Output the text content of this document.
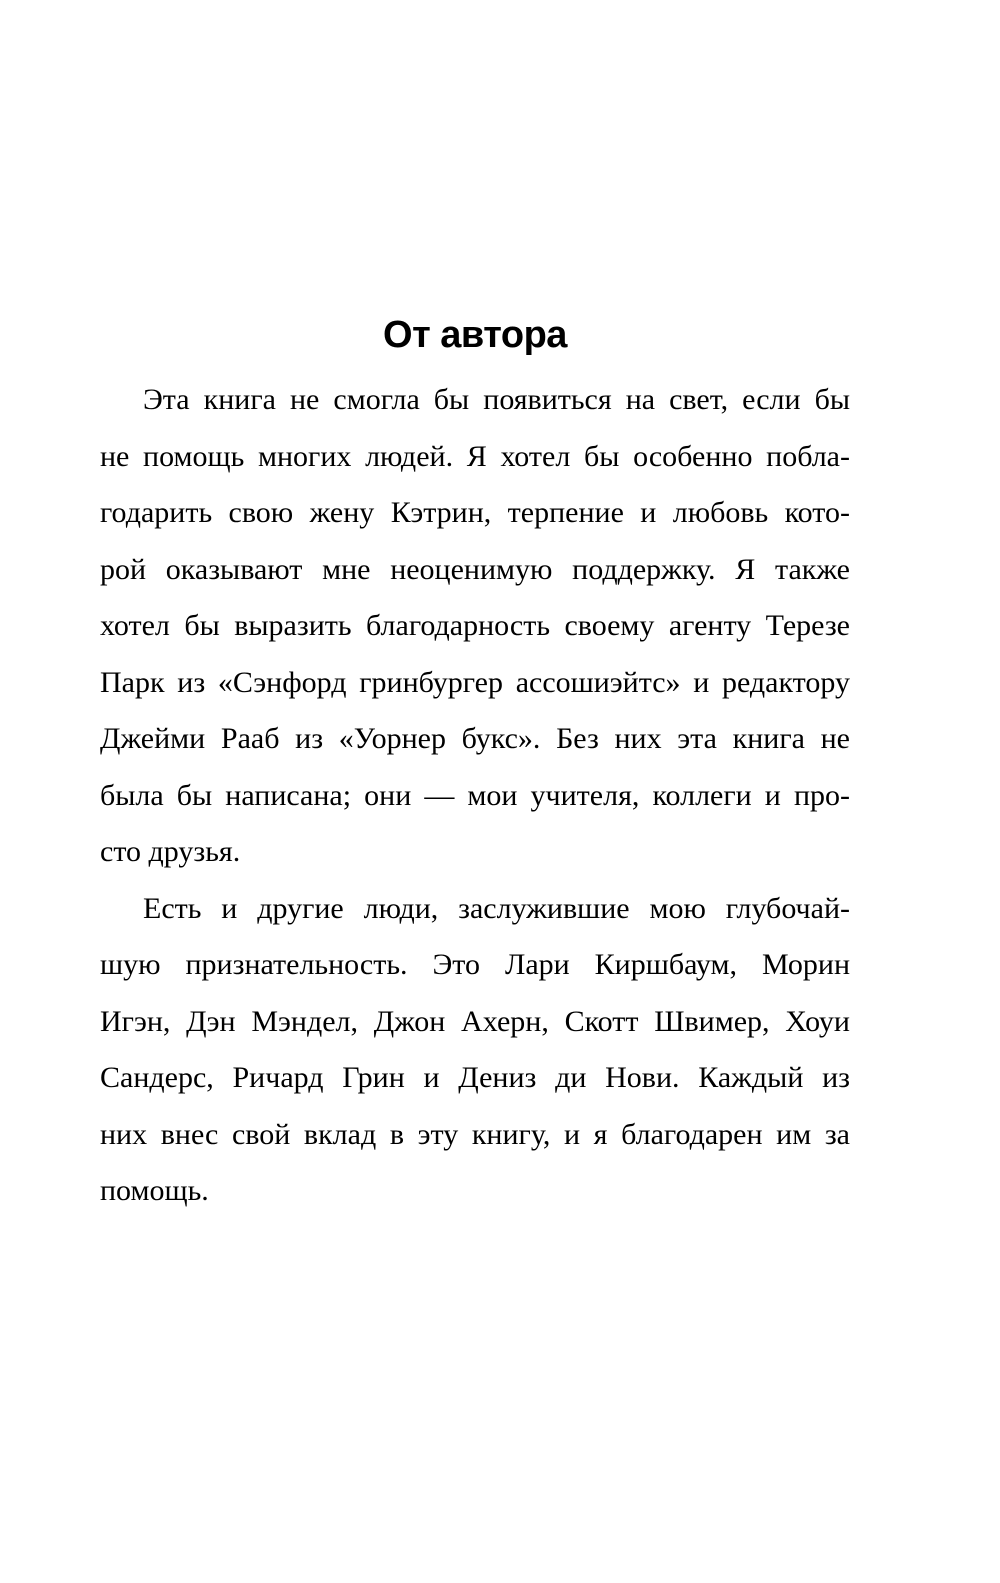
От автора
Эта книга не смогла бы появиться на свет, если бы
не помощь многих людей. Я хотел бы особенно побла-
годарить свою жену Кэтрин, терпение и любовь кото-
рой оказывают мне неоценимую поддержку. Я также
хотел бы выразить благодарность своему агенту Терезе
Парк из «Сэнфорд гринбургер ассошиэйтс» и редактору
Джейми Рааб из «Уорнер букс». Без них эта книга не
была бы написана; они — мои учителя, коллеги и про-
сто друзья.
Есть и другие люди, заслужившие мою глубочай-
шую признательность. Это Лари Киршбаум, Морин
Игэн, Дэн Мэндел, Джон Ахерн, Скотт Швимер, Хоуи
Сандерс, Ричард Грин и Дениз ди Нови. Каждый из
них внес свой вклад в эту книгу, и я благодарен им за
помощь.
